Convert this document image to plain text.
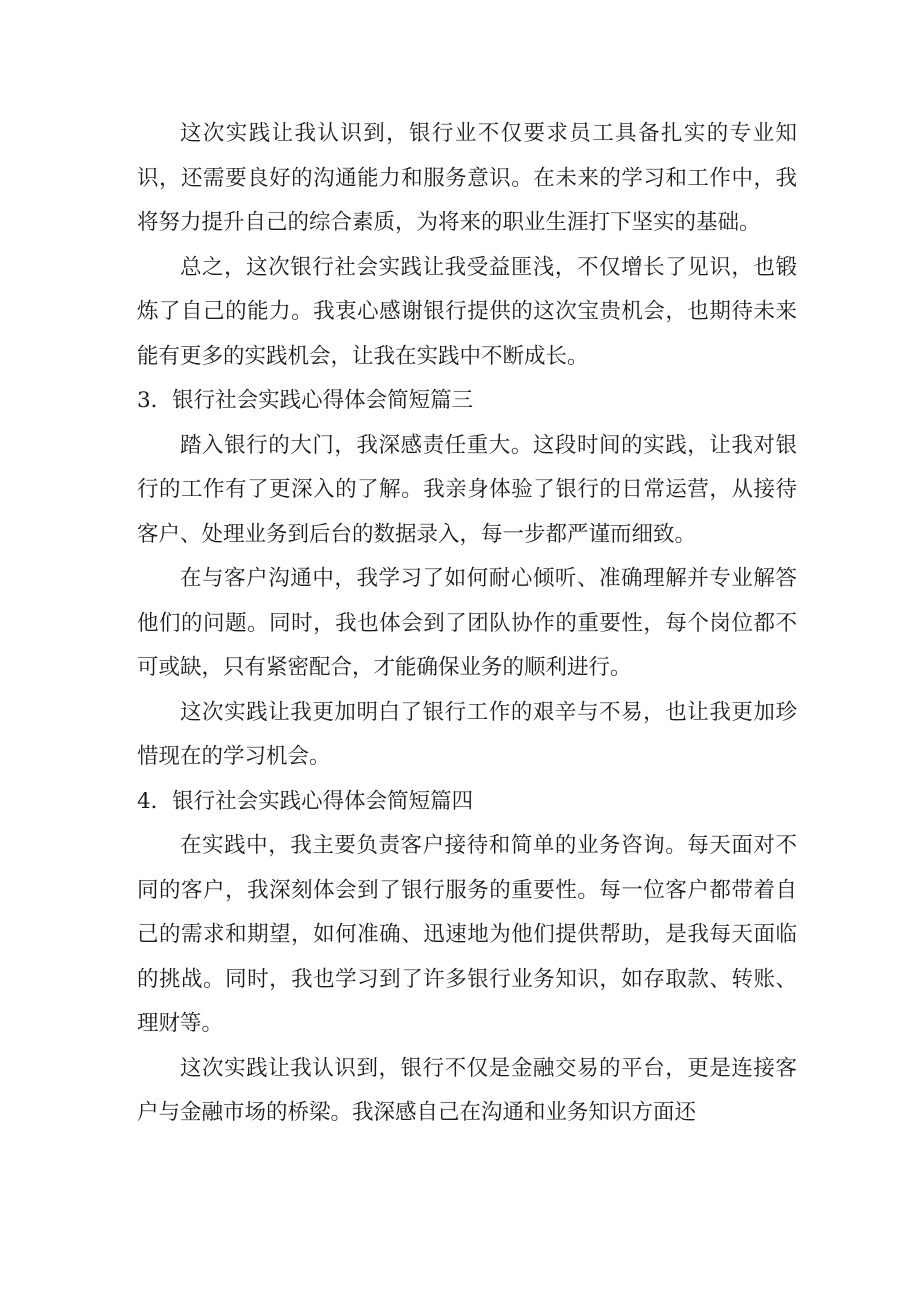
这次实践让我认识到，银行业不仅要求员工具备扎实的专业知识，还需要良好的沟通能力和服务意识。在未来的学习和工作中，我将努力提升自己的综合素质，为将来的职业生涯打下坚实的基础。

总之，这次银行社会实践让我受益匪浅，不仅增长了见识，也锻炼了自己的能力。我衷心感谢银行提供的这次宝贵机会，也期待未来能有更多的实践机会，让我在实践中不断成长。

3．银行社会实践心得体会简短篇三

踏入银行的大门，我深感责任重大。这段时间的实践，让我对银行的工作有了更深入的了解。我亲身体验了银行的日常运营，从接待客户、处理业务到后台的数据录入，每一步都严谨而细致。

在与客户沟通中，我学习了如何耐心倾听、准确理解并专业解答他们的问题。同时，我也体会到了团队协作的重要性，每个岗位都不可或缺，只有紧密配合，才能确保业务的顺利进行。

这次实践让我更加明白了银行工作的艰辛与不易，也让我更加珍惜现在的学习机会。

4．银行社会实践心得体会简短篇四

在实践中，我主要负责客户接待和简单的业务咨询。每天面对不同的客户，我深刻体会到了银行服务的重要性。每一位客户都带着自己的需求和期望，如何准确、迅速地为他们提供帮助，是我每天面临的挑战。同时，我也学习到了许多银行业务知识，如存取款、转账、理财等。

这次实践让我认识到，银行不仅是金融交易的平台，更是连接客户与金融市场的桥梁。我深感自己在沟通和业务知识方面还
